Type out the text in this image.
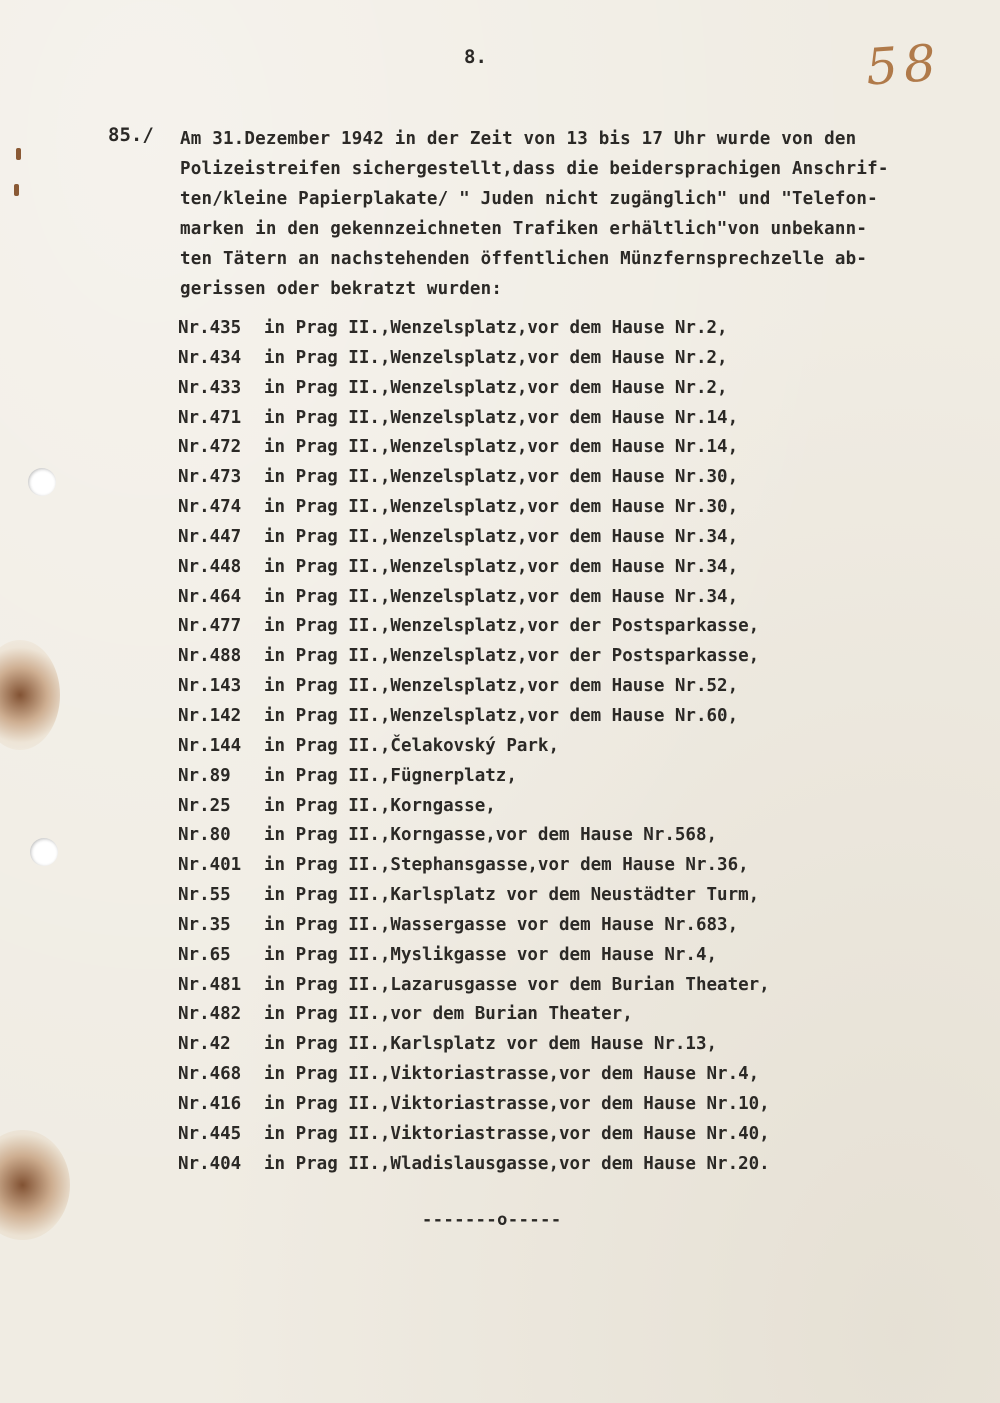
8.	58
85./ Am 31.Dezember 1942 in der Zeit von 13 bis 17 Uhr wurde von den
Polizeistreifen sichergestellt,dass die beidersprachigen Anschrif-
ten/kleine Papierplakate/ " Juden nicht zugänglich" und "Telefon-
marken in den gekennzeichneten Trafiken erhältlich"von unbekann-
ten Tätern an nachstehenden öffentlichen Münzfernsprechzelle ab-
gerissen oder bekratzt wurden:
Nr.435	in Prag II.,Wenzelsplatz,vor dem Hause Nr.2,
Nr.434	in Prag II.,Wenzelsplatz,vor dem Hause Nr.2,
Nr.433	in Prag II.,Wenzelsplatz,vor dem Hause Nr.2,
Nr.471	in Prag II.,Wenzelsplatz,vor dem Hause Nr.14,
Nr.472	in Prag II.,Wenzelsplatz,vor dem Hause Nr.14,
Nr.473	in Prag II.,Wenzelsplatz,vor dem Hause Nr.30,
Nr.474	in Prag II.,Wenzelsplatz,vor dem Hause Nr.30,
Nr.447	in Prag II.,Wenzelsplatz,vor dem Hause Nr.34,
Nr.448	in Prag II.,Wenzelsplatz,vor dem Hause Nr.34,
Nr.464	in Prag II.,Wenzelsplatz,vor dem Hause Nr.34,
Nr.477	in Prag II.,Wenzelsplatz,vor der Postsparkasse,
Nr.488	in Prag II.,Wenzelsplatz,vor der Postsparkasse,
Nr.143	in Prag II.,Wenzelsplatz,vor dem Hause Nr.52,
Nr.142	in Prag II.,Wenzelsplatz,vor dem Hause Nr.60,
Nr.144	in Prag II.,Čelakovský Park,
Nr.89	in Prag II.,Fügnerplatz,
Nr.25	in Prag II.,Korngasse,
Nr.80	in Prag II.,Korngasse,vor dem Hause Nr.568,
Nr.401	in Prag II.,Stephansgasse,vor dem Hause Nr.36,
Nr.55	in Prag II.,Karlsplatz vor dem Neustädter Turm,
Nr.35	in Prag II.,Wassergasse vor dem Hause Nr.683,
Nr.65	in Prag II.,Myslikgasse vor dem Hause Nr.4,
Nr.481	in Prag II.,Lazarusgasse vor dem Burian Theater,
Nr.482	in Prag II.,vor dem Burian Theater,
Nr.42	in Prag II.,Karlsplatz vor dem Hause Nr.13,
Nr.468	in Prag II.,Viktoriastrasse,vor dem Hause Nr.4,
Nr.416	in Prag II.,Viktoriastrasse,vor dem Hause Nr.10,
Nr.445	in Prag II.,Viktoriastrasse,vor dem Hause Nr.40,
Nr.404	in Prag II.,Wladislausgasse,vor dem Hause Nr.20.
-------o-----
